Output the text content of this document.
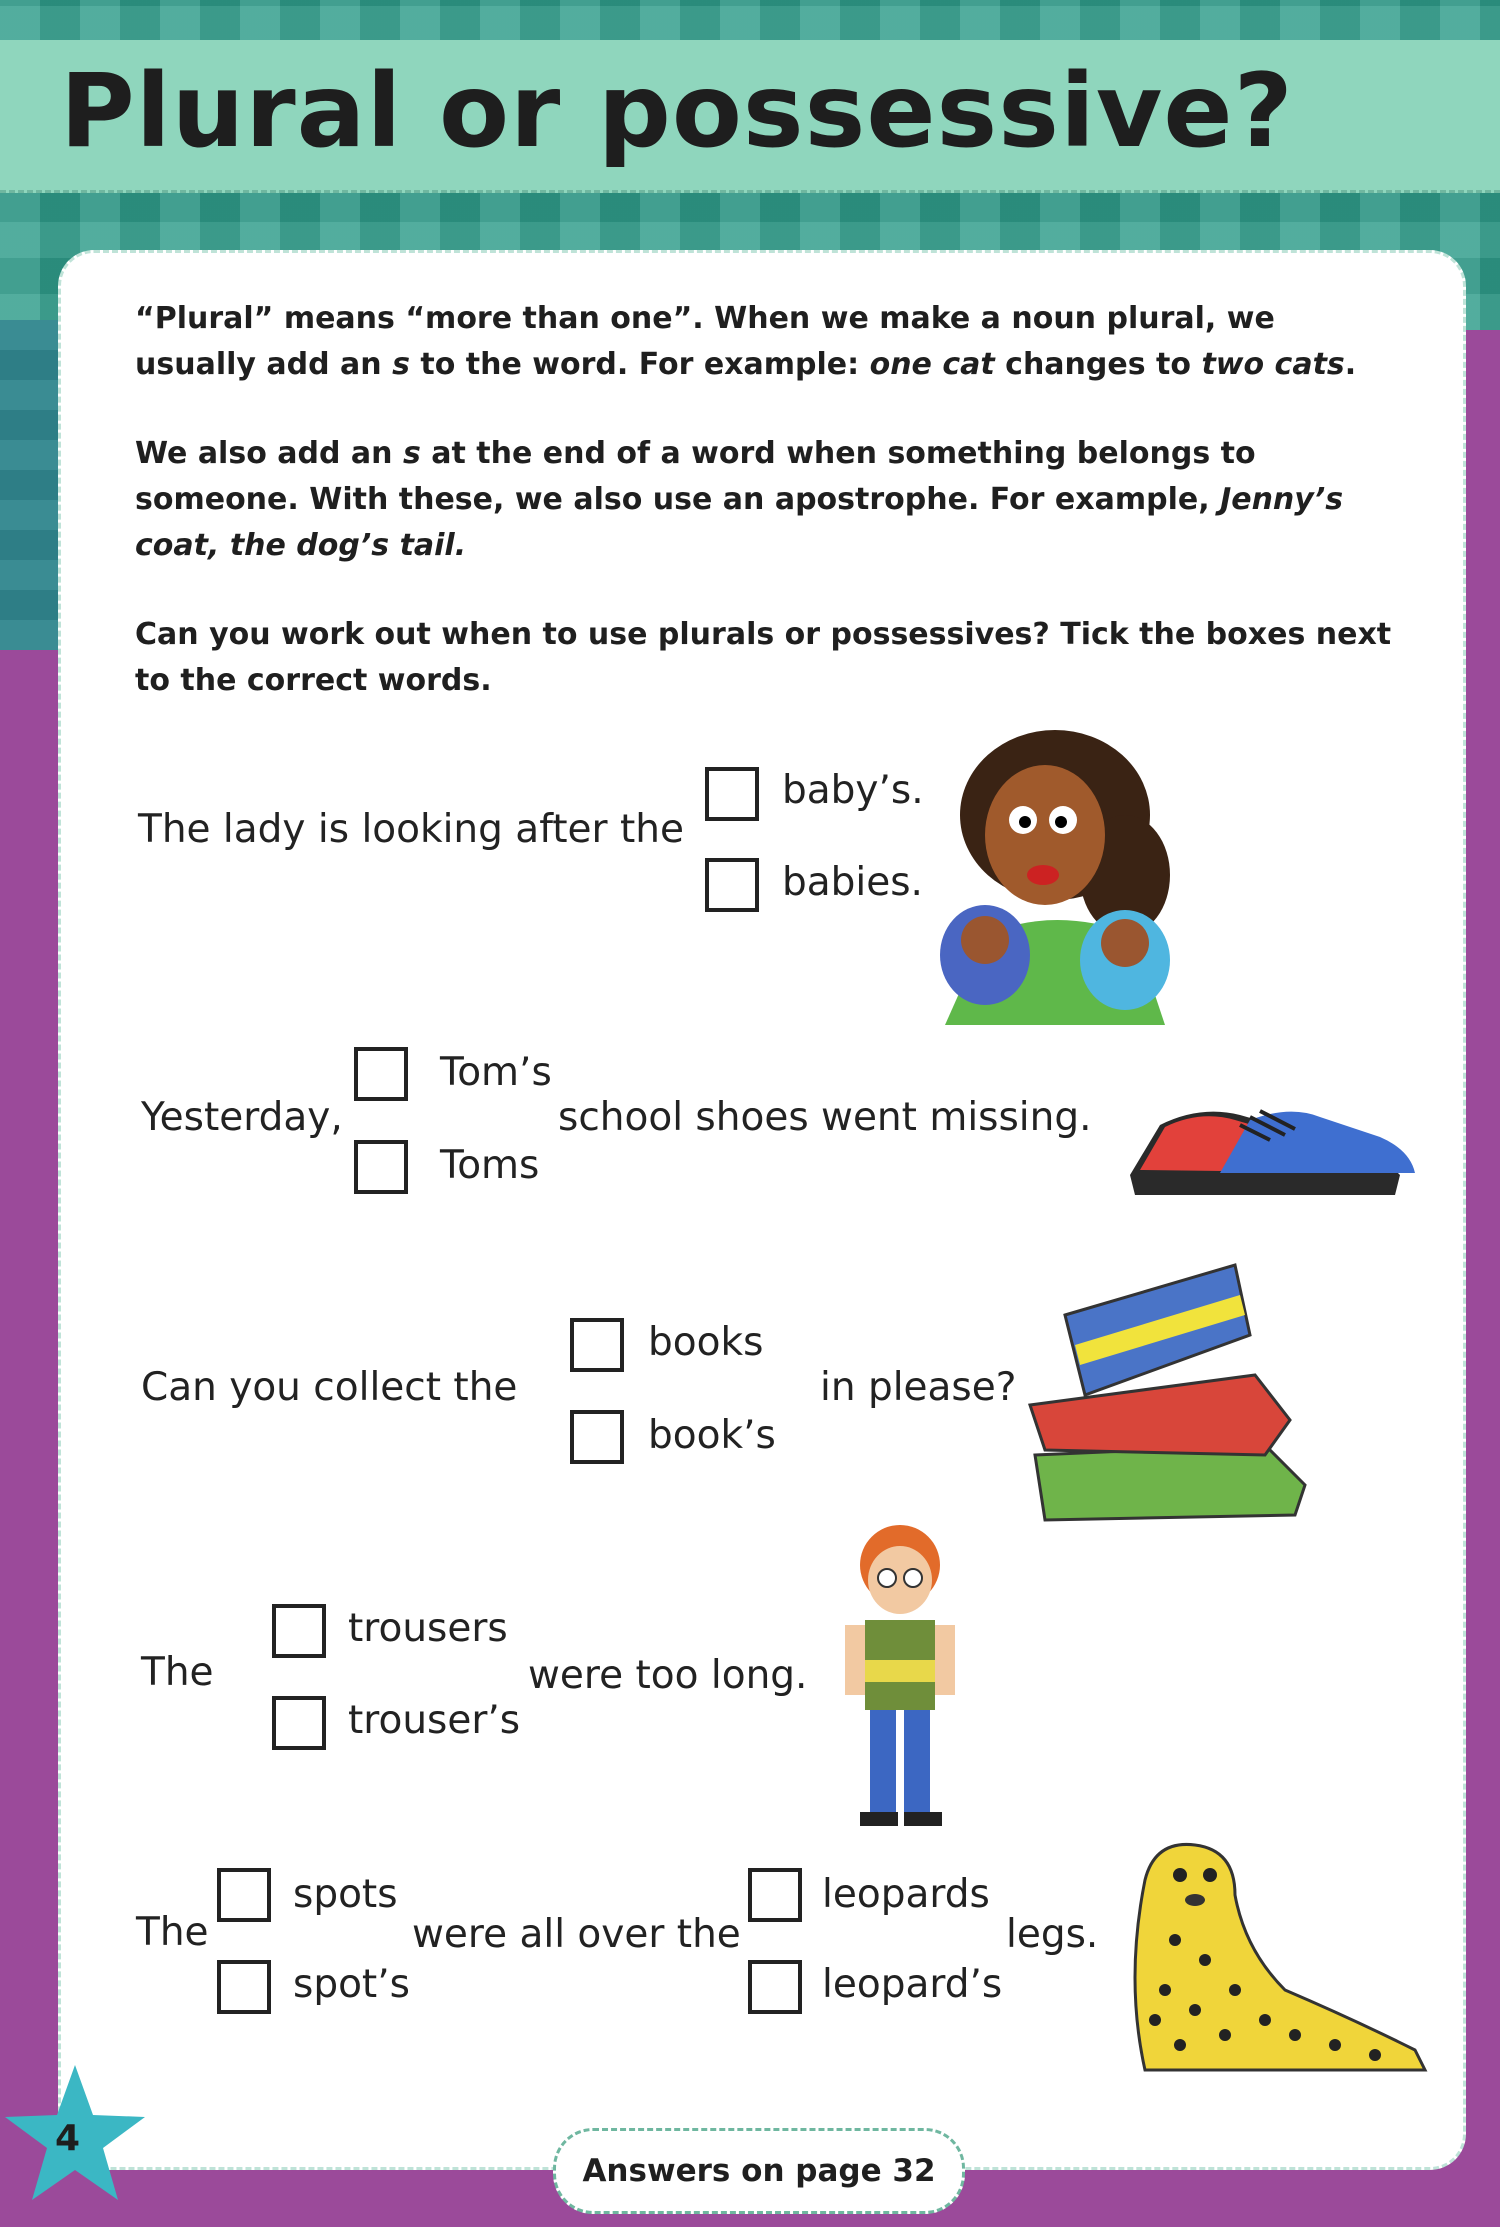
Plural or possessive?

“Plural” means “more than one”. When we make a noun plural, we usually add an s to the word. For example: one cat changes to two cats.

We also add an s at the end of a word when something belongs to someone. With these, we also use an apostrophe. For example, Jenny’s coat, the dog’s tail.

Can you work out when to use plurals or possessives? Tick the boxes next to the correct words.

The lady is looking after the
baby’s.
babies.
Yesterday,
Tom’s
Toms
school shoes went missing.
Can you collect the
books
book’s
in please?
The
trousers
trouser’s
were too long.
The
spots
spot’s
were all over the
leopards
leopard’s
legs.
4
Answers on page 32
